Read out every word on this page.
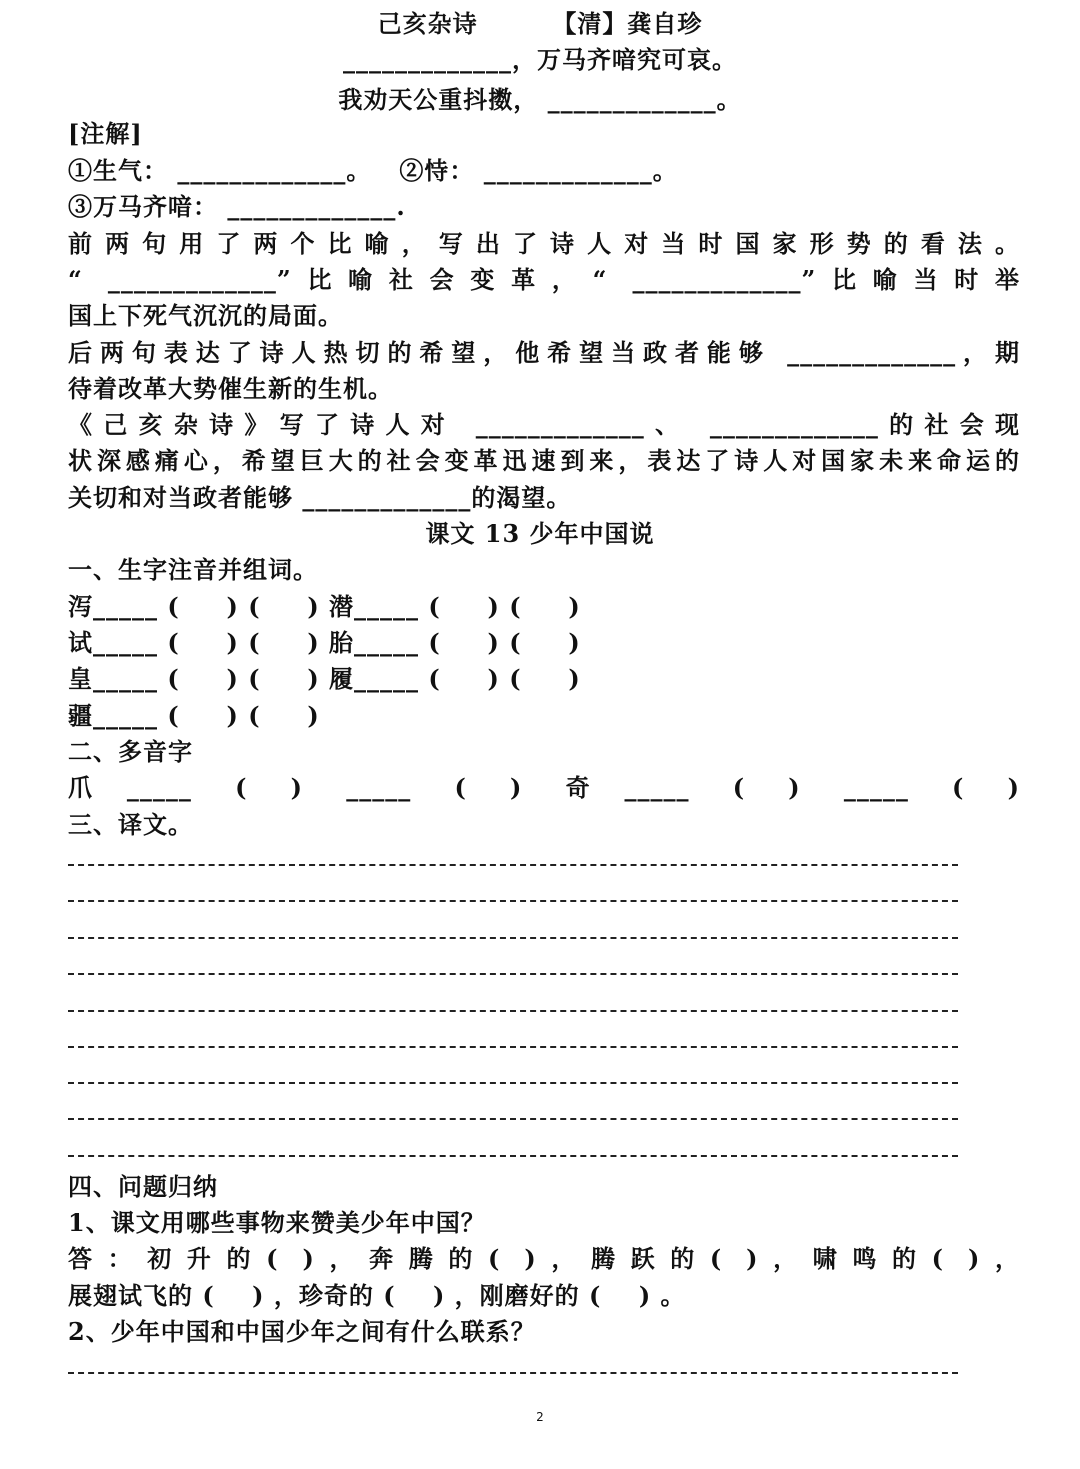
己亥杂诗        【清】龚自珍
_____________，万马齐喑究可哀。
我劝天公重抖擞， _____________。
[注解]
①生气： _____________。   ②恃： _____________。
③万马齐喑： _____________.
前两句用了两个比喻，写出了诗人对当时国家形势的看法。
“ _____________”比喻社会变革，“ _____________”比喻当时举
国上下死气沉沉的局面。
后两句表达了诗人热切的希望，他希望当政者能够 _____________，期
待着改革大势催生新的生机。
《己亥杂诗》写了诗人对 _____________、 _____________的社会现
状深感痛心，希望巨大的社会变革迅速到来，表达了诗人对国家未来命运的
关切和对当政者能够 _____________的渴望。
课文 13 少年中国说
一、生字注音并组词。
泻_____ (     ) (     ) 潜_____ (     ) (     )
试_____ (     ) (     ) 胎_____ (     ) (     )
皇_____ (     ) (     ) 履_____ (     ) (     )
疆_____ (     ) (     )
二、多音字
爪_____ ( ) _____ ( ) 奇_____ ( ) _____ ( )
三、译文。
四、问题归纳
1、课文用哪些事物来赞美少年中国？
答：初升的( )，奔腾的( )，腾跃的( )，啸鸣的( )，
展翅试飞的 (    ) ，珍奇的 (    ) ，刚磨好的 (    ) 。
2、少年中国和中国少年之间有什么联系？
2
